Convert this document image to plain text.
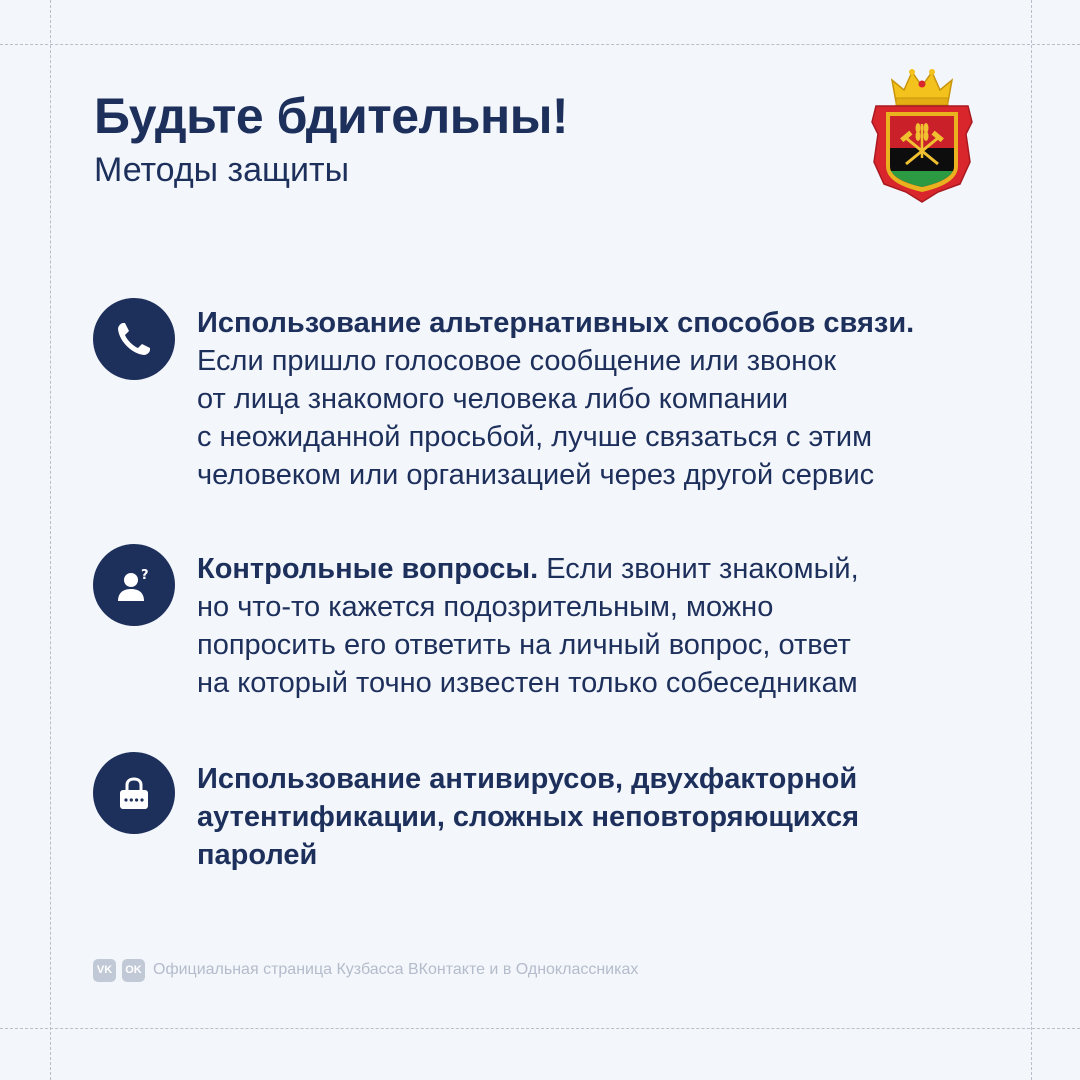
Будьте бдительны!
Методы защиты
Использование альтернативных способов связи.
Если пришло голосовое сообщение или звонок
от лица знакомого человека либо компании
с неожиданной просьбой, лучше связаться с этим
человеком или организацией через другой сервис
? Контрольные вопросы. Если звонит знакомый,
но что-то кажется подозрительным, можно
попросить его ответить на личный вопрос, ответ
на который точно известен только собеседникам
Использование антивирусов, двухфакторной
аутентификации, сложных неповторяющихся
паролей
VK	OK Официальная страница Кузбасса ВКонтакте и в Одноклассниках
